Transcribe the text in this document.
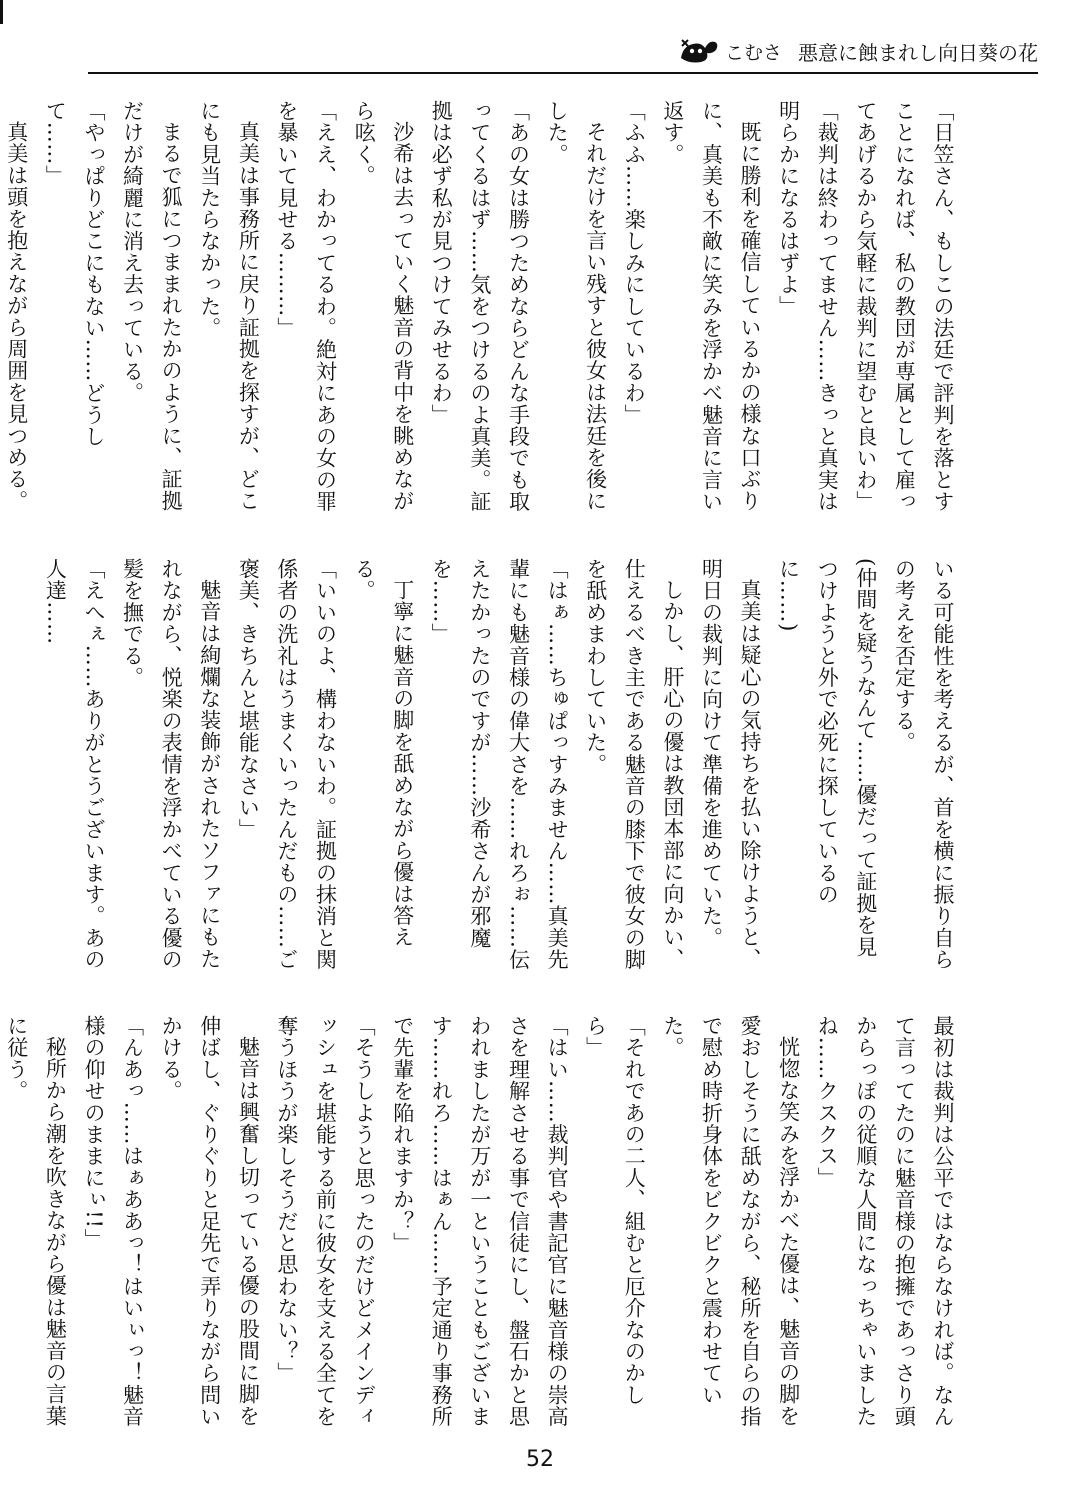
こむさ 悪意に蝕まれし向日葵の花

「日笠さん、もしこの法廷で評判を落とすことになれば、私の教団が専属として雇ってあげるから気軽に裁判に望むと良いわ」

「裁判は終わってません……きっと真実は明らかになるはずよ」

既に勝利を確信しているかの様な口ぶりに、真美も不敵に笑みを浮かべ魅音に言い返す。

「ふふ……楽しみにしているわ」

それだけを言い残すと彼女は法廷を後にした。

「あの女は勝つためならどんな手段でも取ってくるはず……気をつけるのよ真美。証拠は必ず私が見つけてみせるわ」

沙希は去っていく魅音の背中を眺めながら呟く。

「ええ、わかってるわ。絶対にあの女の罪を暴いて見せる………」

真美は事務所に戻り証拠を探すが、どこにも見当たらなかった。

まるで狐につままれたかのように、証拠だけが綺麗に消え去っている。

「やっぱりどこにもない……どうして……」

真美は頭を抱えながら周囲を見つめる。

いる可能性を考えるが、首を横に振り自らの考えを否定する。

(仲間を疑うなんて……優だって証拠を見つけようと外で必死に探しているのに……)

真美は疑心の気持ちを払い除けようと、明日の裁判に向けて準備を進めていた。

しかし、肝心の優は教団本部に向かい、仕えるべき主である魅音の膝下で彼女の脚を舐めまわしていた。

「はぁ……ちゅぱっすみません……真美先輩にも魅音様の偉大さを……れろぉ……伝えたかったのですが……沙希さんが邪魔を……」

丁寧に魅音の脚を舐めながら優は答える。

「いいのよ、構わないわ。証拠の抹消と関係者の洗礼はうまくいったんだもの……ご褒美、きちんと堪能なさい」

魅音は絢爛な装飾がされたソファにもたれながら、悦楽の表情を浮かべている優の髪を撫でる。

「えへぇ……ありがとうございます。あの人達……

最初は裁判は公平ではならなければ。なんて言ってたのに魅音様の抱擁であっさり頭からっぽの従順な人間になっちゃいましたね……クスクス」

恍惚な笑みを浮かべた優は、魅音の脚を愛おしそうに舐めながら、秘所を自らの指で慰め時折身体をビクビクと震わせていた。

「それであの二人、組むと厄介なのかしら」

「はい……裁判官や書記官に魅音様の崇高さを理解させる事で信徒にし、盤石かと思われましたが万が一ということもございます……れろ……はぁん……予定通り事務所で先輩を陥れますか？」

「そうしようと思ったのだけどメインディッシュを堪能する前に彼女を支える全てを奪うほうが楽しそうだと思わない？」

魅音は興奮し切っている優の股間に脚を伸ばし、ぐりぐりと足先で弄りながら問いかける。

「んあっ……はぁああっ！はいぃっ！魅音様の仰せのままにぃ!!」

秘所から潮を吹きながら優は魅音の言葉に従う。

52
